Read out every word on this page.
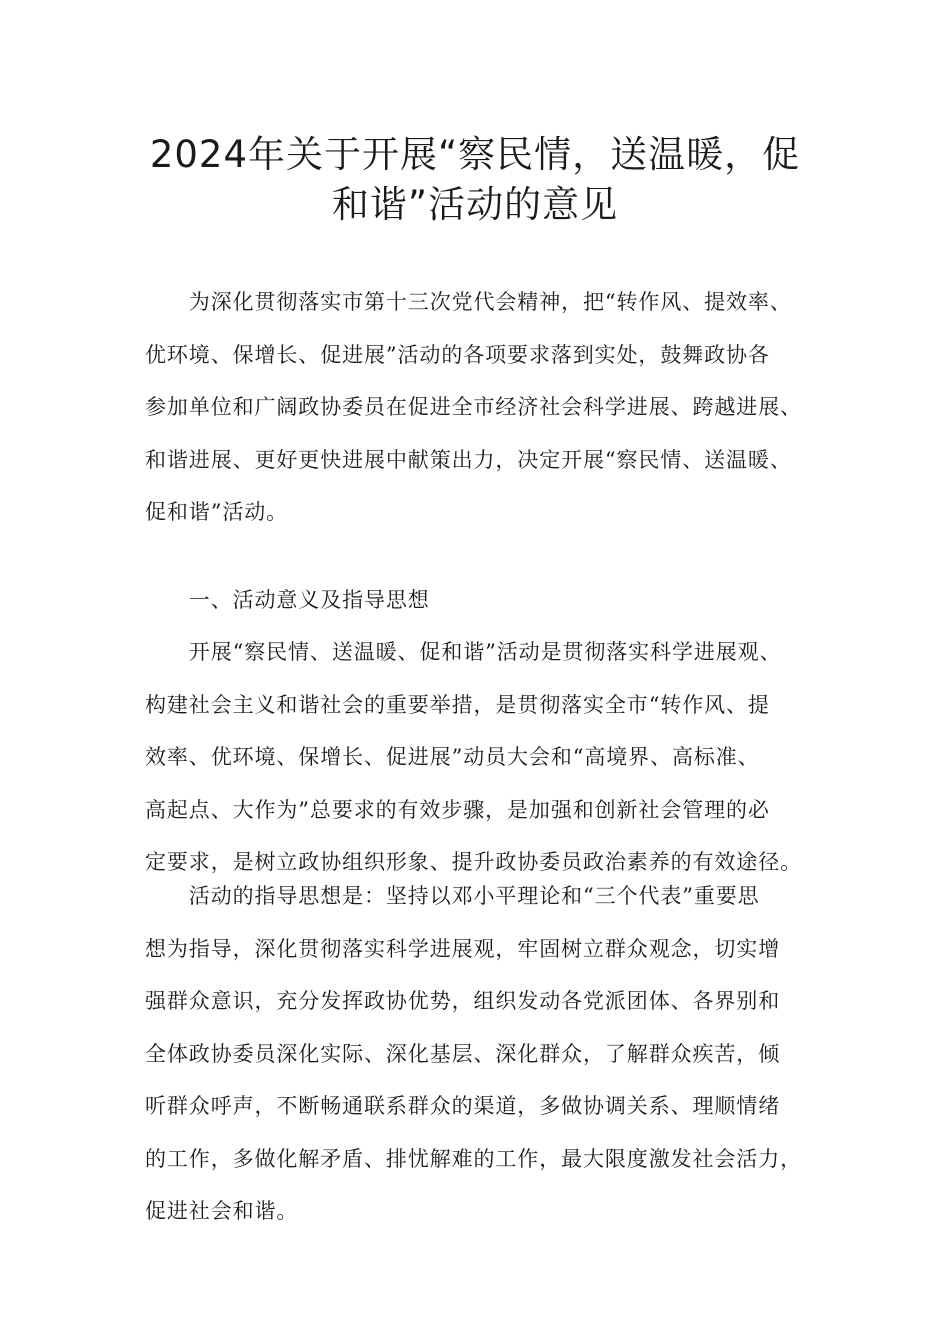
2024年关于开展“察民情，送温暖，促
和谐”活动的意见
　　为深化贯彻落实市第十三次党代会精神，把“转作风、提效率、
优环境、保增长、促进展”活动的各项要求落到实处，鼓舞政协各
参加单位和广阔政协委员在促进全市经济社会科学进展、跨越进展、
和谐进展、更好更快进展中献策出力，决定开展“察民情、送温暖、
促和谐”活动。
　　一、活动意义及指导思想
　　开展“察民情、送温暖、促和谐”活动是贯彻落实科学进展观、
构建社会主义和谐社会的重要举措，是贯彻落实全市“转作风、提
效率、优环境、保增长、促进展”动员大会和“高境界、高标准、
高起点、大作为”总要求的有效步骤，是加强和创新社会管理的必
定要求，是树立政协组织形象、提升政协委员政治素养的有效途径。
　　活动的指导思想是：坚持以邓小平理论和“三个代表”重要思
想为指导，深化贯彻落实科学进展观，牢固树立群众观念，切实增
强群众意识，充分发挥政协优势，组织发动各党派团体、各界别和
全体政协委员深化实际、深化基层、深化群众，了解群众疾苦，倾
听群众呼声，不断畅通联系群众的渠道，多做协调关系、理顺情绪
的工作，多做化解矛盾、排忧解难的工作，最大限度激发社会活力，
促进社会和谐。
